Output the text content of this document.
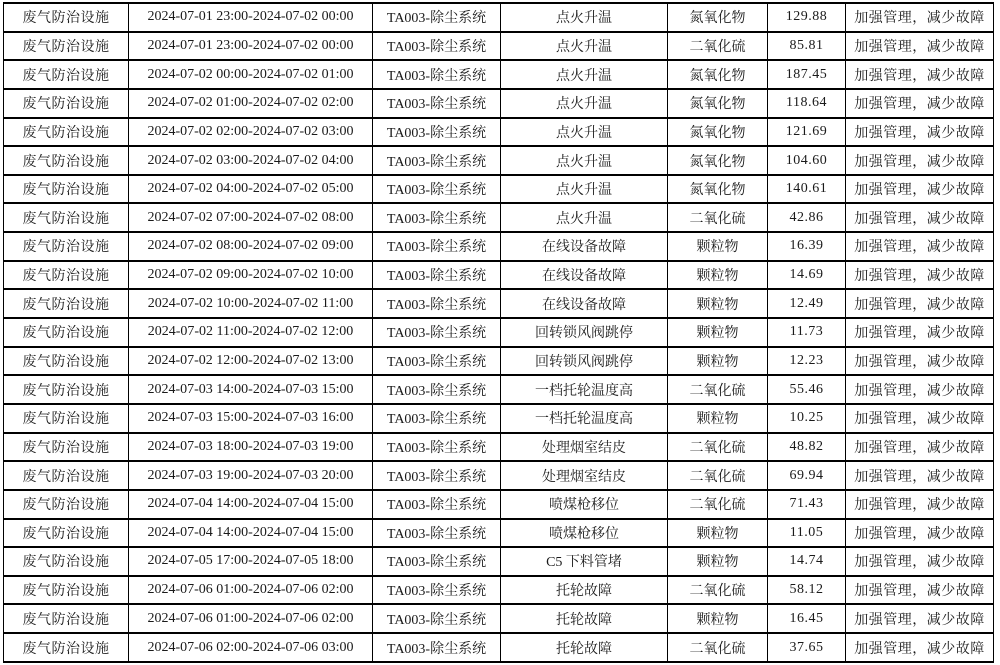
废气防治设施	2024-07-01 23:00-2024-07-02 00:00	TA003-除尘系统	点火升温	氮氧化物	129.88	加强管理，减少故障
废气防治设施	2024-07-01 23:00-2024-07-02 00:00	TA003-除尘系统	点火升温	二氧化硫	85.81	加强管理，减少故障
废气防治设施	2024-07-02 00:00-2024-07-02 01:00	TA003-除尘系统	点火升温	氮氧化物	187.45	加强管理，减少故障
废气防治设施	2024-07-02 01:00-2024-07-02 02:00	TA003-除尘系统	点火升温	氮氧化物	118.64	加强管理，减少故障
废气防治设施	2024-07-02 02:00-2024-07-02 03:00	TA003-除尘系统	点火升温	氮氧化物	121.69	加强管理，减少故障
废气防治设施	2024-07-02 03:00-2024-07-02 04:00	TA003-除尘系统	点火升温	氮氧化物	104.60	加强管理，减少故障
废气防治设施	2024-07-02 04:00-2024-07-02 05:00	TA003-除尘系统	点火升温	氮氧化物	140.61	加强管理，减少故障
废气防治设施	2024-07-02 07:00-2024-07-02 08:00	TA003-除尘系统	点火升温	二氧化硫	42.86	加强管理，减少故障
废气防治设施	2024-07-02 08:00-2024-07-02 09:00	TA003-除尘系统	在线设备故障	颗粒物	16.39	加强管理，减少故障
废气防治设施	2024-07-02 09:00-2024-07-02 10:00	TA003-除尘系统	在线设备故障	颗粒物	14.69	加强管理，减少故障
废气防治设施	2024-07-02 10:00-2024-07-02 11:00	TA003-除尘系统	在线设备故障	颗粒物	12.49	加强管理，减少故障
废气防治设施	2024-07-02 11:00-2024-07-02 12:00	TA003-除尘系统	回转锁风阀跳停	颗粒物	11.73	加强管理，减少故障
废气防治设施	2024-07-02 12:00-2024-07-02 13:00	TA003-除尘系统	回转锁风阀跳停	颗粒物	12.23	加强管理，减少故障
废气防治设施	2024-07-03 14:00-2024-07-03 15:00	TA003-除尘系统	一档托轮温度高	二氧化硫	55.46	加强管理，减少故障
废气防治设施	2024-07-03 15:00-2024-07-03 16:00	TA003-除尘系统	一档托轮温度高	颗粒物	10.25	加强管理，减少故障
废气防治设施	2024-07-03 18:00-2024-07-03 19:00	TA003-除尘系统	处理烟室结皮	二氧化硫	48.82	加强管理，减少故障
废气防治设施	2024-07-03 19:00-2024-07-03 20:00	TA003-除尘系统	处理烟室结皮	二氧化硫	69.94	加强管理，减少故障
废气防治设施	2024-07-04 14:00-2024-07-04 15:00	TA003-除尘系统	喷煤枪移位	二氧化硫	71.43	加强管理，减少故障
废气防治设施	2024-07-04 14:00-2024-07-04 15:00	TA003-除尘系统	喷煤枪移位	颗粒物	11.05	加强管理，减少故障
废气防治设施	2024-07-05 17:00-2024-07-05 18:00	TA003-除尘系统	C5 下料管堵	颗粒物	14.74	加强管理，减少故障
废气防治设施	2024-07-06 01:00-2024-07-06 02:00	TA003-除尘系统	托轮故障	二氧化硫	58.12	加强管理，减少故障
废气防治设施	2024-07-06 01:00-2024-07-06 02:00	TA003-除尘系统	托轮故障	颗粒物	16.45	加强管理，减少故障
废气防治设施	2024-07-06 02:00-2024-07-06 03:00	TA003-除尘系统	托轮故障	二氧化硫	37.65	加强管理，减少故障
